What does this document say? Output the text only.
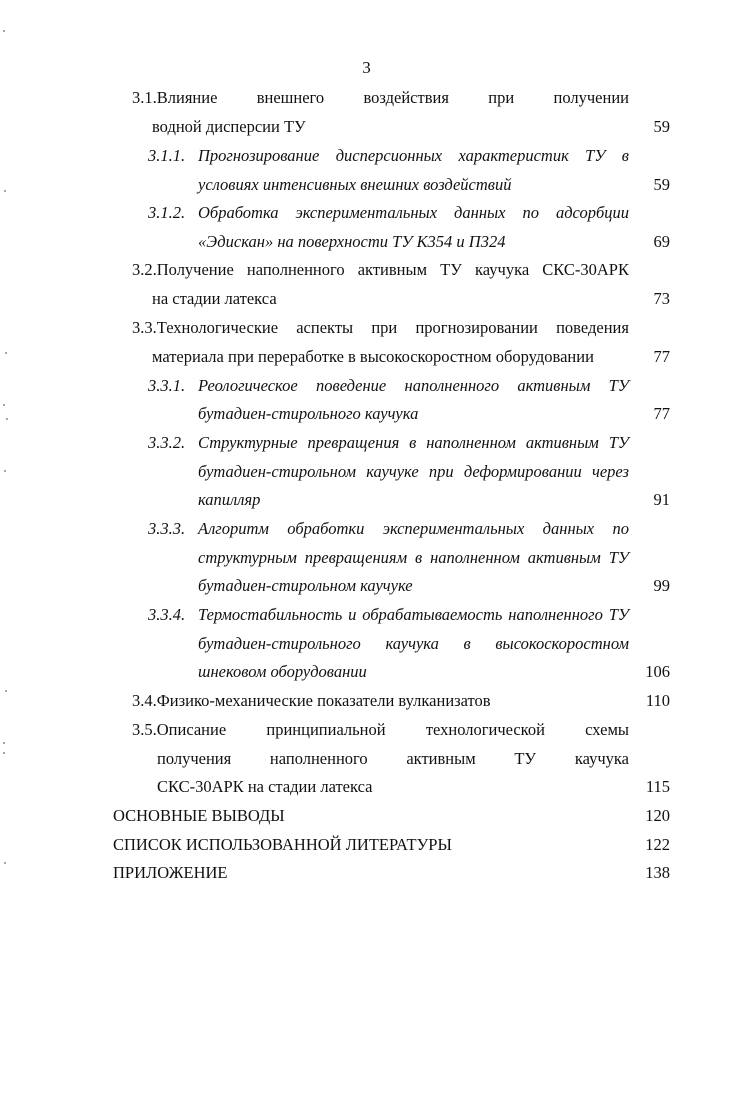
3
3.1.Влияние внешнего воздействия при получении
водной дисперсии ТУ	59
3.1.1. Прогнозирование дисперсионных характеристик ТУ в
условиях интенсивных внешних воздействий	59
3.1.2. Обработка экспериментальных данных по адсорбции
«Эдискан» на поверхности ТУ К354 и П324	69
3.2.Получение наполненного активным ТУ каучука СКС-30АРК
на стадии латекса	73
3.3.Технологические аспекты при прогнозировании поведения
материала при переработке в высокоскоростном оборудовании	77
3.3.1. Реологическое поведение наполненного активным ТУ
бутадиен-стирольного каучука	77
3.3.2. Структурные превращения в наполненном активным ТУ
бутадиен-стирольном каучуке при деформировании через
капилляр	91
3.3.3. Алгоритм обработки экспериментальных данных по
структурным превращениям в наполненном активным ТУ
бутадиен-стирольном каучуке	99
3.3.4. Термостабильность и обрабатываемость наполненного ТУ
бутадиен-стирольного каучука в высокоскоростном
шнековом оборудовании	106
3.4.Физико-механические показатели вулканизатов	110
3.5.Описание принципиальной технологической схемы
получения наполненного активным ТУ каучука
СКС-30АРК на стадии латекса	115
ОСНОВНЫЕ ВЫВОДЫ	120
СПИСОК ИСПОЛЬЗОВАННОЙ ЛИТЕРАТУРЫ	122
ПРИЛОЖЕНИЕ	138
